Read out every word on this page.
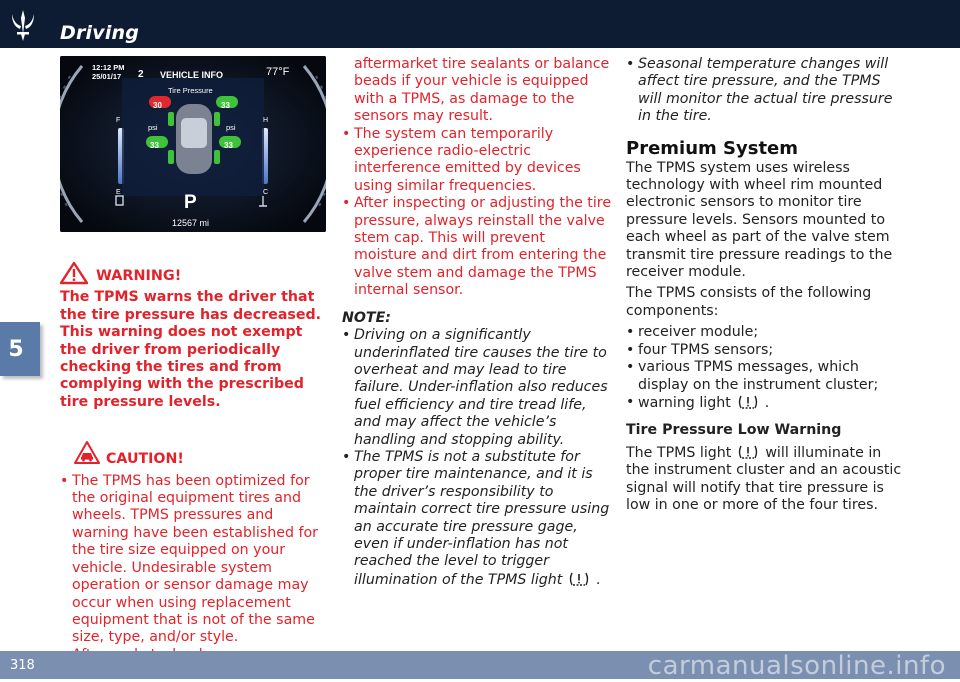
Driving
5
12:12 PM
25/01/17	2 VEHICLE INFO	77°F
Tire Pressure
30	33
33	33
psi	psi
F
E
H
C
P
12567 mi
WARNING!

The TPMS warns the driver that the tire pressure has decreased. This warning does not exempt the driver from periodically checking the tires and from complying with the prescribed tire pressure levels.

CAUTION!
• The TPMS has been optimized for the original equipment tires and wheels. TPMS pressures and warning have been established for the tire size equipped on your vehicle. Undesirable system operation or sensor damage may occur when using replacement equipment that is not of the same size, type, and/or style.

aftermarket tire sealants or balance beads if your vehicle is equipped with a TPMS, as damage to the sensors may result.

• The system can temporarily experience radio-electric interference emitted by devices using similar frequencies.
• After inspecting or adjusting the tire pressure, always reinstall the valve stem cap. This will prevent moisture and dirt from entering the valve stem and damage the TPMS internal sensor.

NOTE:

• Driving on a significantly underinflated tire causes the tire to overheat and may lead to tire failure. Under-inflation also reduces fuel efficiency and tire tread life, and may affect the vehicle’s handling and stopping ability.
• The TPMS is not a substitute for proper tire maintenance, and it is the driver’s responsibility to maintain correct tire pressure using an accurate tire pressure gage, even if under-inflation has not reached the level to trigger illumination of the TPMS light .
• Seasonal temperature changes will affect tire pressure, and the TPMS will monitor the actual tire pressure in the tire.
Premium System

The TPMS system uses wireless technology with wheel rim mounted electronic sensors to monitor tire pressure levels. Sensors mounted to each wheel as part of the valve stem transmit tire pressure readings to the receiver module.

The TPMS consists of the following components:

• receiver module;
• four TPMS sensors;
• various TPMS messages, which display on the instrument cluster;
• warning light .
Tire Pressure Low Warning

The TPMS light will illuminate in the instrument cluster and an acoustic signal will notify that tire pressure is low in one or more of the four tires.

318	carmanualsonline.info
